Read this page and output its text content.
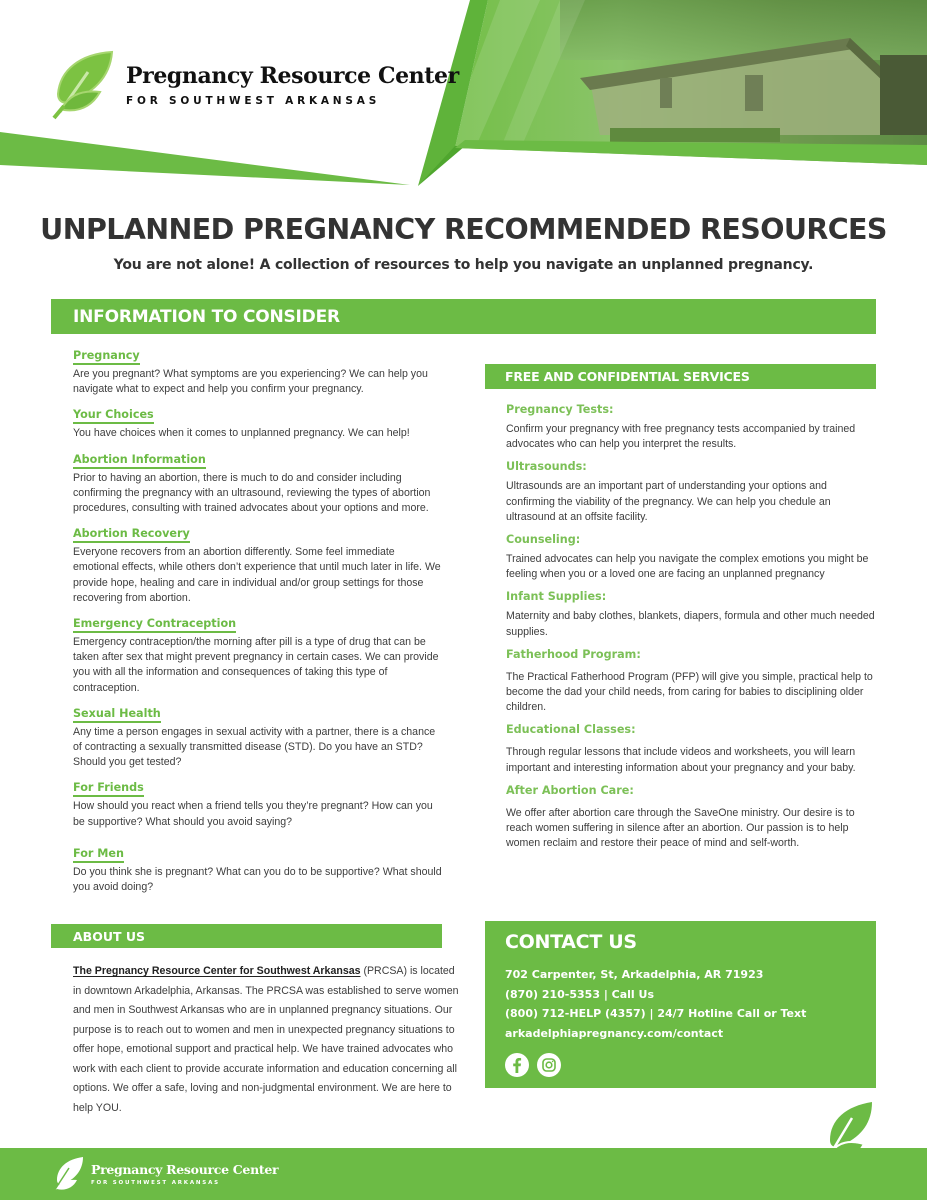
Pregnancy Resource Center
FOR SOUTHWEST ARKANSAS
UNPLANNED PREGNANCY RECOMMENDED RESOURCES
You are not alone! A collection of resources to help you navigate an unplanned pregnancy.
INFORMATION TO CONSIDER
Pregnancy
Are you pregnant? What symptoms are you experiencing? We can help you navigate what to expect and help you confirm your pregnancy.
Your Choices
You have choices when it comes to unplanned pregnancy. We can help!
Abortion Information
Prior to having an abortion, there is much to do and consider including confirming the pregnancy with an ultrasound, reviewing the types of abortion procedures, consulting with trained advocates about your options and more.
Abortion Recovery
Everyone recovers from an abortion differently. Some feel immediate emotional effects, while others don’t experience that until much later in life. We provide hope, healing and care in individual and/or group settings for those recovering from abortion.
Emergency Contraception
Emergency contraception/the morning after pill is a type of drug that can be taken after sex that might prevent pregnancy in certain cases. We can provide you with all the information and consequences of taking this type of contraception.
Sexual Health
Any time a person engages in sexual activity with a partner, there is a chance of contracting a sexually transmitted disease (STD). Do you have an STD? Should you get tested?
For Friends
How should you react when a friend tells you they’re pregnant? How can you be supportive? What should you avoid saying?
For Men
Do you think she is pregnant? What can you do to be supportive? What should you avoid doing?
FREE AND CONFIDENTIAL SERVICES
Pregnancy Tests:
Confirm your pregnancy with free pregnancy tests accompanied by trained advocates who can help you interpret the results.
Ultrasounds:
Ultrasounds are an important part of understanding your options and confirming the viability of the pregnancy. We can help you chedule an ultrasound at an offsite facility.
Counseling:
Trained advocates can help you navigate the complex emotions you might be feeling when you or a loved one are facing an unplanned pregnancy
Infant Supplies:
Maternity and baby clothes, blankets, diapers, formula and other much needed supplies.
Fatherhood Program:
The Practical Fatherhood Program (PFP) will give you simple, practical help to become the dad your child needs, from caring for babies to disciplining older children.
Educational Classes:
Through regular lessons that include videos and worksheets, you will learn important and interesting information about your pregnancy and your baby.
After Abortion Care:
We offer after abortion care through the SaveOne ministry. Our desire is to reach women suffering in silence after an abortion. Our passion is to help women reclaim and restore their peace of mind and self-worth.
ABOUT US
The Pregnancy Resource Center for Southwest Arkansas (PRCSA) is located in downtown Arkadelphia, Arkansas. The PRCSA was established to serve women and men in Southwest Arkansas who are in unplanned pregnancy situations. Our purpose is to reach out to women and men in unexpected pregnancy situations to offer hope, emotional support and practical help. We have trained advocates who work with each client to provide accurate information and education concerning all options. We offer a safe, loving and non-judgmental environment. We are here to help YOU.
CONTACT US
702 Carpenter, St, Arkadelphia, AR 71923
(870) 210-5353 | Call Us
(800) 712-HELP (4357) | 24/7 Hotline Call or Text
arkadelphiapregnancy.com/contact
Pregnancy Resource Center
FOR SOUTHWEST ARKANSAS
